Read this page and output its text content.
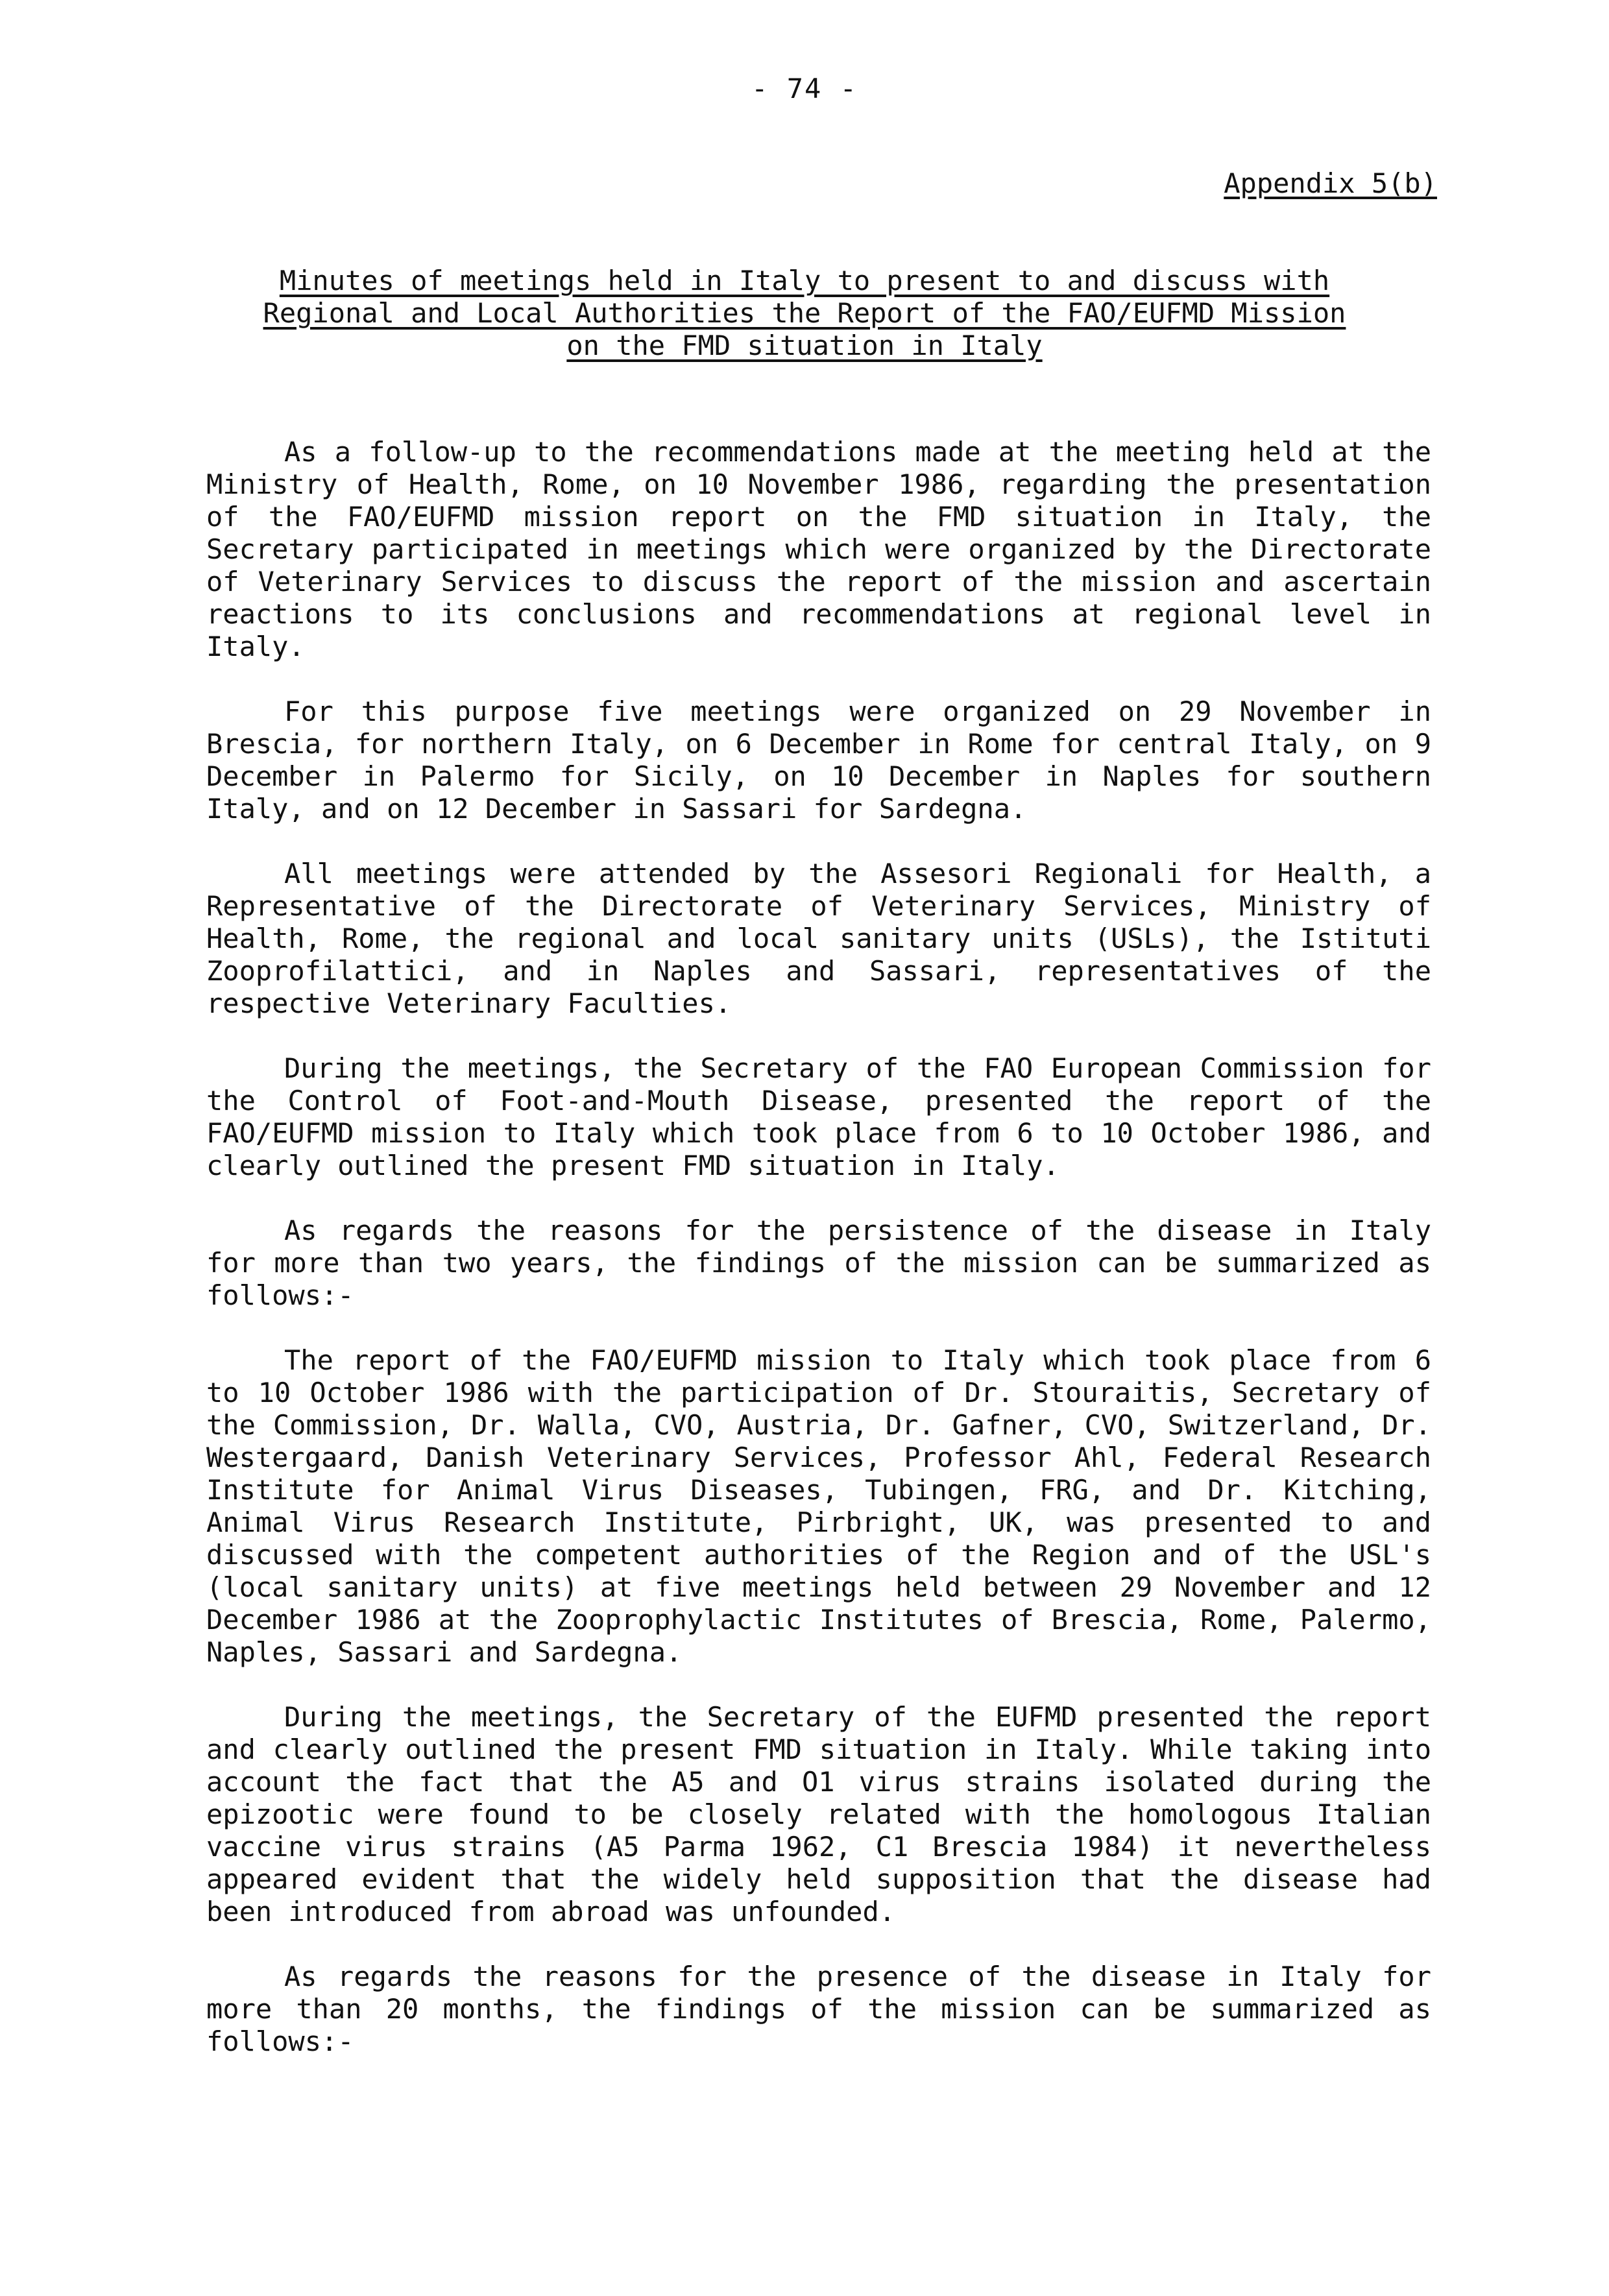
- 74 -
Appendix 5(b)
Minutes of meetings held in Italy to present to and discuss with
Regional and Local Authorities the Report of the FAO/EUFMD Mission
on the FMD situation in Italy

As a follow-up to the recommendations made at the meeting held at the Ministry of Health, Rome, on 10 November 1986, regarding the presentation of the FAO/EUFMD mission report on the FMD situation in Italy, the Secretary participated in meetings which were organized by the Directorate of Veterinary Services to discuss the report of the mission and ascertain reactions to its conclusions and recommendations at regional level in Italy.

For this purpose five meetings were organized on 29 November in Brescia, for northern Italy, on 6 December in Rome for central Italy, on 9 December in Palermo for Sicily, on 10 December in Naples for southern Italy, and on 12 December in Sassari for Sardegna.

All meetings were attended by the Assesori Regionali for Health, a Representative of the Directorate of Veterinary Services, Ministry of Health, Rome, the regional and local sanitary units (USLs), the Istituti Zooprofilattici, and in Naples and Sassari, representatives of the respective Veterinary Faculties.

During the meetings, the Secretary of the FAO European Commission for the Control of Foot-and-Mouth Disease, presented the report of the FAO/EUFMD mission to Italy which took place from 6 to 10 October 1986, and clearly outlined the present FMD situation in Italy.

As regards the reasons for the persistence of the disease in Italy for more than two years, the findings of the mission can be summarized as follows:-

The report of the FAO/EUFMD mission to Italy which took place from 6 to 10 October 1986 with the participation of Dr. Stouraitis, Secretary of the Commission, Dr. Walla, CVO, Austria, Dr. Gafner, CVO, Switzerland, Dr. Westergaard, Danish Veterinary Services, Professor Ahl, Federal Research Institute for Animal Virus Diseases, Tubingen, FRG, and Dr. Kitching, Animal Virus Research Institute, Pirbright, UK, was presented to and discussed with the competent authorities of the Region and of the USL's (local sanitary units) at five meetings held between 29 November and 12 December 1986 at the Zooprophylactic Institutes of Brescia, Rome, Palermo, Naples, Sassari and Sardegna.

During the meetings, the Secretary of the EUFMD presented the report and clearly outlined the present FMD situation in Italy. While taking into account the fact that the A5 and O1 virus strains isolated during the epizootic were found to be closely related with the homologous Italian vaccine virus strains (A5 Parma 1962, C1 Brescia 1984) it nevertheless appeared evident that the widely held supposition that the disease had been introduced from abroad was unfounded.

As regards the reasons for the presence of the disease in Italy for more than 20 months, the findings of the mission can be summarized as follows:-
